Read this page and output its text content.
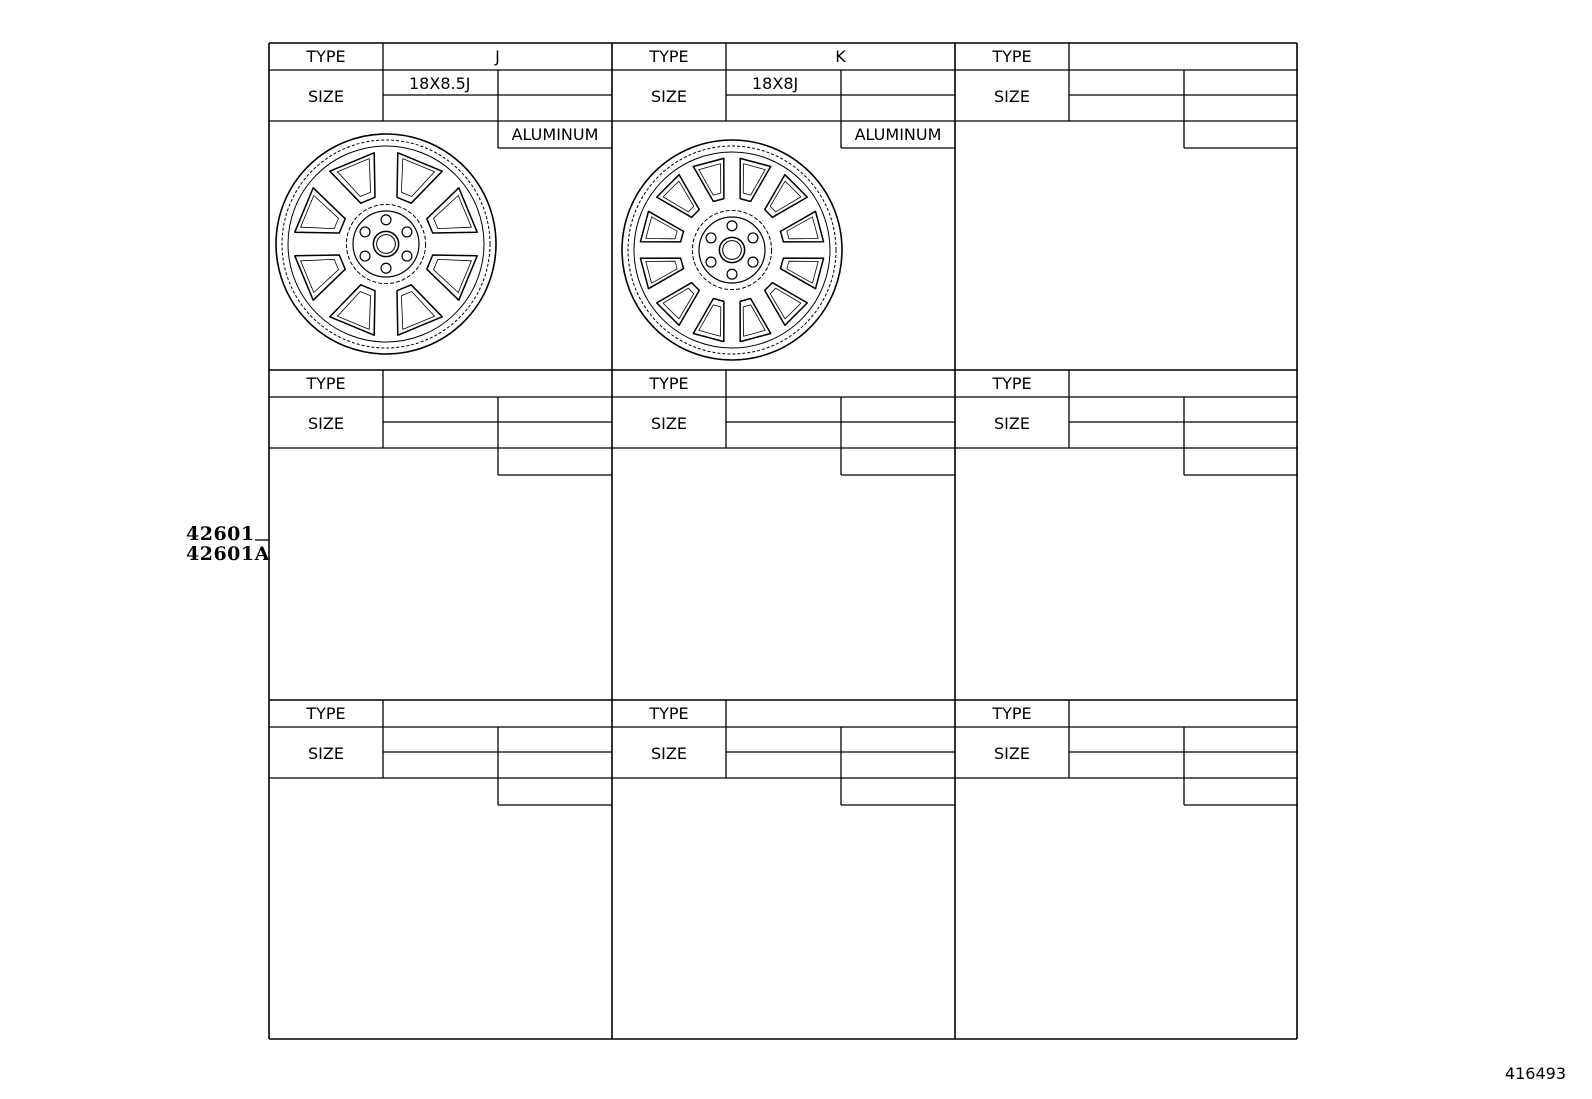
TYPE
SIZE
J
18X8.5J
ALUMINUM
TYPE
SIZE
K
18X8J
ALUMINUM
TYPE
SIZE
TYPE
SIZE
TYPE
SIZE
TYPE
SIZE
TYPE
SIZE
TYPE
SIZE
TYPE
SIZE
42601
42601A
416493
